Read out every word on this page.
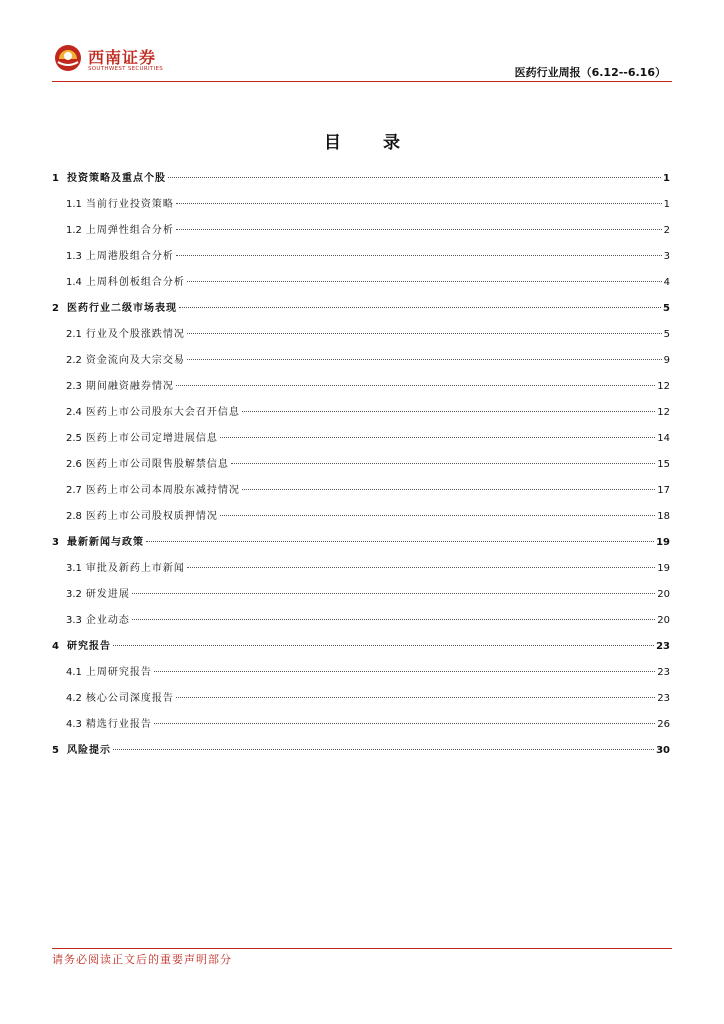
西南证券
SOUTHWEST SECURITIES	医药行业周报（6.12--6.16）
目 录
1 投资策略及重点个股	1
1.1 当前行业投资策略	1
1.2 上周弹性组合分析	2
1.3 上周港股组合分析	3
1.4 上周科创板组合分析	4
2 医药行业二级市场表现	5
2.1 行业及个股涨跌情况	5
2.2 资金流向及大宗交易	9
2.3 期间融资融券情况	12
2.4 医药上市公司股东大会召开信息	12
2.5 医药上市公司定增进展信息	14
2.6 医药上市公司限售股解禁信息	15
2.7 医药上市公司本周股东减持情况	17
2.8 医药上市公司股权质押情况	18
3 最新新闻与政策	19
3.1 审批及新药上市新闻	19
3.2 研发进展	20
3.3 企业动态	20
4 研究报告	23
4.1 上周研究报告	23
4.2 核心公司深度报告	23
4.3 精选行业报告	26
5 风险提示	30
请务必阅读正文后的重要声明部分
